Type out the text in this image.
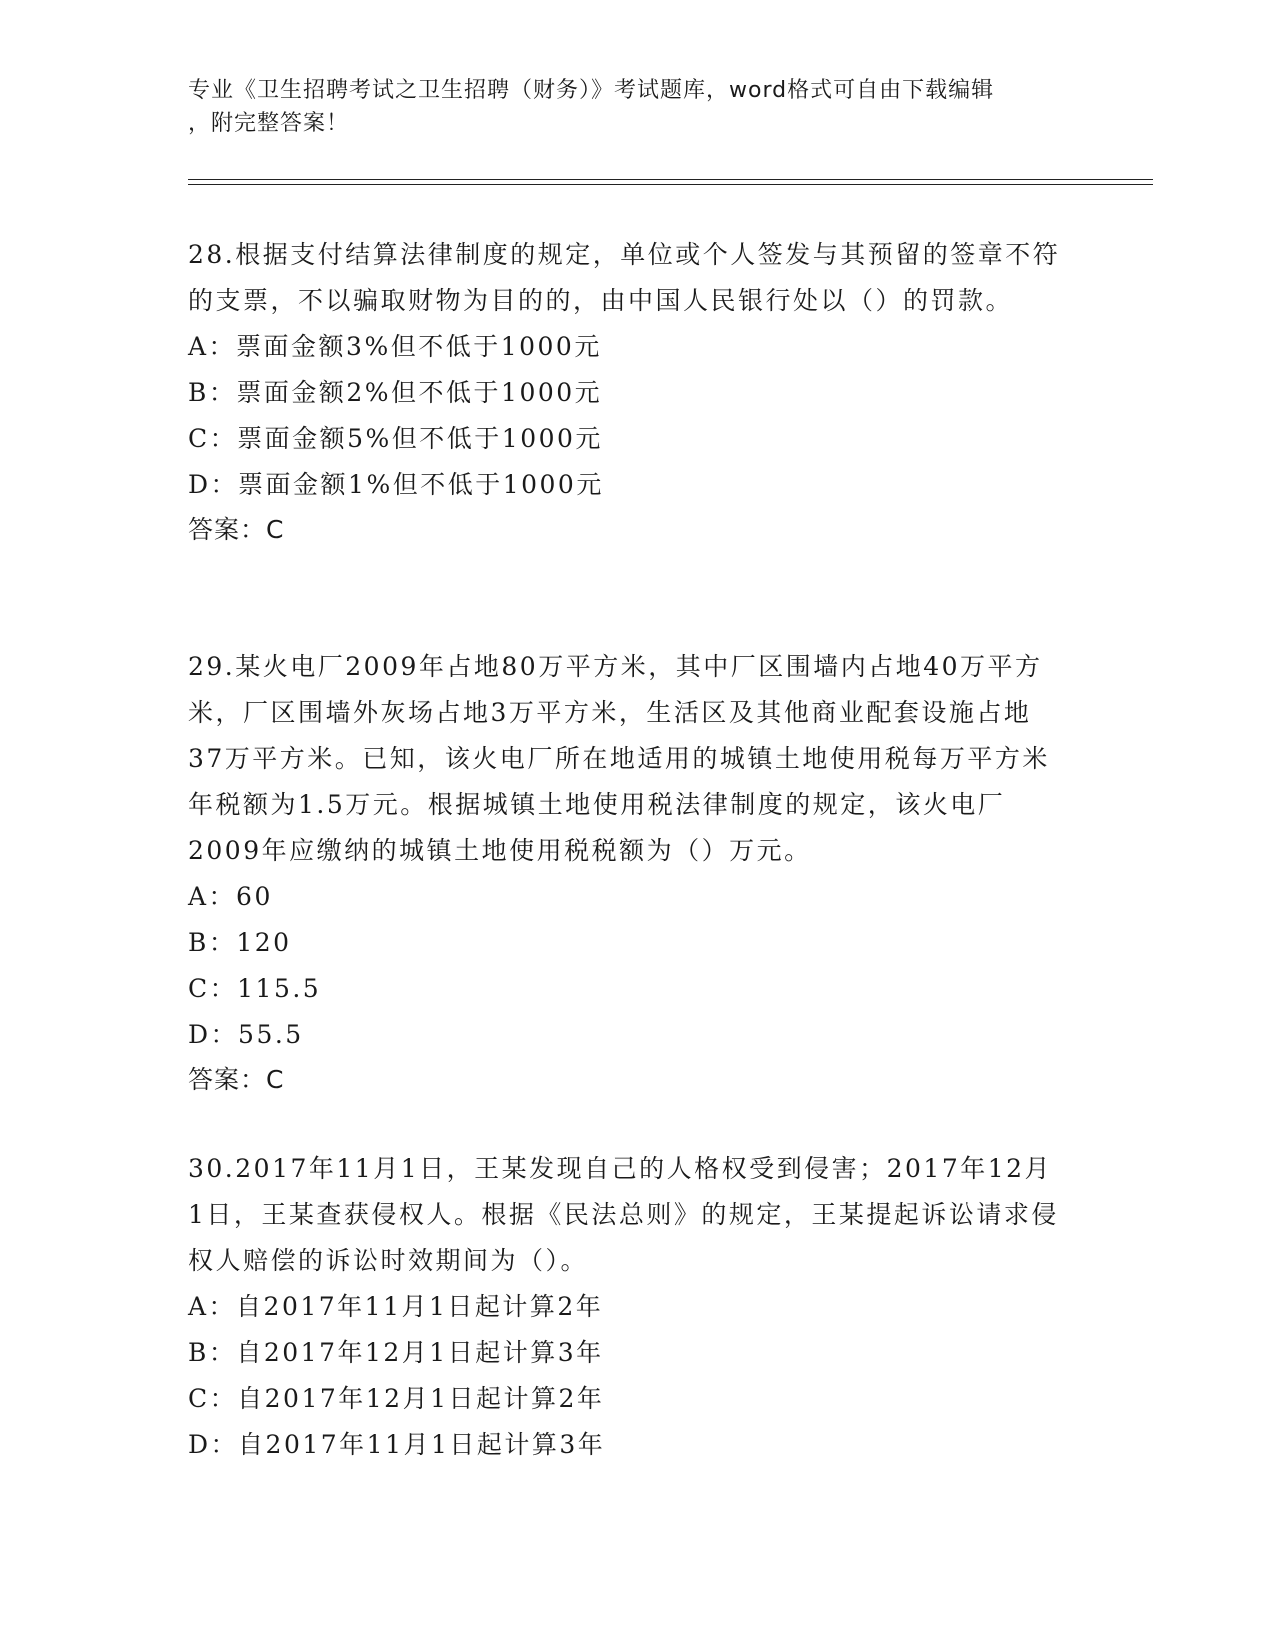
专业《卫生招聘考试之卫生招聘（财务）》考试题库，word格式可自由下载编辑
，附完整答案！
28.根据支付结算法律制度的规定，单位或个人签发与其预留的签章不符的支票，不以骗取财物为目的的，由中国人民银行处以（）的罚款。
A：票面金额3%但不低于1000元
B：票面金额2%但不低于1000元
C：票面金额5%但不低于1000元
D：票面金额1%但不低于1000元
答案：C
29.某火电厂2009年占地80万平方米，其中厂区围墙内占地40万平方米，厂区围墙外灰场占地3万平方米，生活区及其他商业配套设施占地37万平方米。已知，该火电厂所在地适用的城镇土地使用税每万平方米年税额为1.5万元。根据城镇土地使用税法律制度的规定，该火电厂2009年应缴纳的城镇土地使用税税额为（）万元。
A：60
B：120
C：115.5
D：55.5
答案：C
30.2017年11月1日，王某发现自己的人格权受到侵害；2017年12月1日，王某查获侵权人。根据《民法总则》的规定，王某提起诉讼请求侵权人赔偿的诉讼时效期间为（）。
A：自2017年11月1日起计算2年
B：自2017年12月1日起计算3年
C：自2017年12月1日起计算2年
D：自2017年11月1日起计算3年
